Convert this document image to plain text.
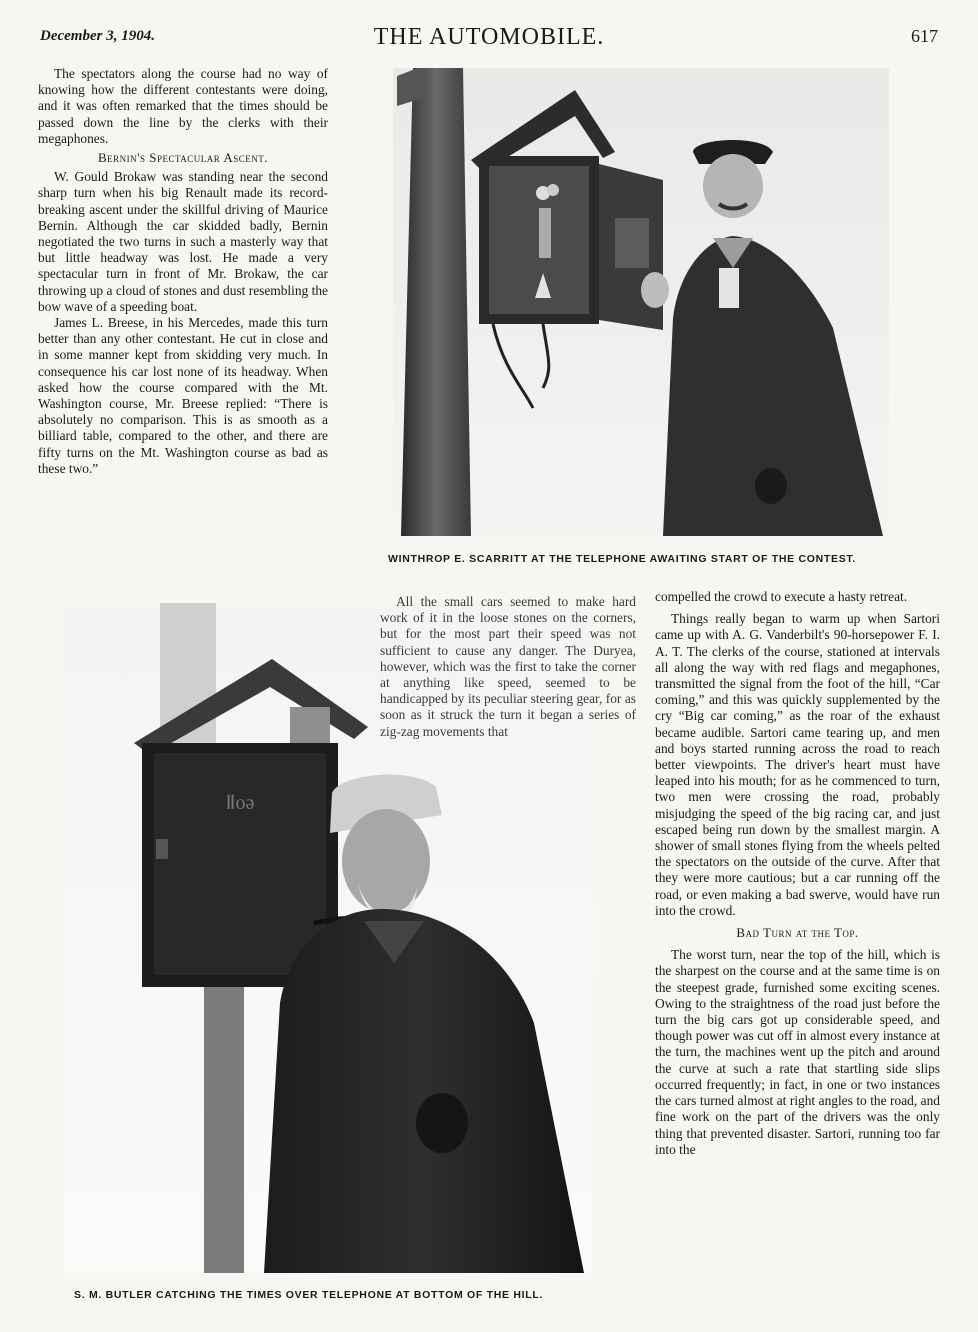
December 3, 1904.	THE AUTOMOBILE.	617

The spectators along the course had no way of knowing how the different contestants were doing, and it was often remarked that the times should be passed down the line by the clerks with their megaphones.

Bernin's Spectacular Ascent.

W. Gould Brokaw was standing near the second sharp turn when his big Renault made its record-breaking ascent under the skillful driving of Maurice Bernin. Although the car skidded badly, Bernin negotiated the two turns in such a masterly way that but little headway was lost. He made a very spectacular turn in front of Mr. Brokaw, the car throwing up a cloud of stones and dust resembling the bow wave of a speeding boat.

James L. Breese, in his Mercedes, made this turn better than any other contestant. He cut in close and in some manner kept from skidding very much. In consequence his car lost none of its headway. When asked how the course compared with the Mt. Washington course, Mr. Breese replied: “There is absolutely no comparison. This is as smooth as a billiard table, compared to the other, and there are fifty turns on the Mt. Washington course as bad as these two.”

WINTHROP E. SCARRITT AT THE TELEPHONE AWAITING START OF THE CONTEST.
Ⅱoə
S. M. BUTLER CATCHING THE TIMES OVER TELEPHONE AT BOTTOM OF THE HILL.

All the small cars seemed to make hard work of it in the loose stones on the corners, but for the most part their speed was not sufficient to cause any danger. The Duryea, however, which was the first to take the corner at anything like speed, seemed to be handicapped by its peculiar steering gear, for as soon as it struck the turn it began a series of zig-zag movements that

compelled the crowd to execute a hasty retreat.

Things really began to warm up when Sartori came up with A. G. Vanderbilt's 90-horsepower F. I. A. T. The clerks of the course, stationed at intervals all along the way with red flags and megaphones, transmitted the signal from the foot of the hill, “Car coming,” and this was quickly supplemented by the cry “Big car coming,” as the roar of the exhaust became audible. Sartori came tearing up, and men and boys started running across the road to reach better viewpoints. The driver's heart must have leaped into his mouth; for as he commenced to turn, two men were crossing the road, probably misjudging the speed of the big racing car, and just escaped being run down by the smallest margin. A shower of small stones flying from the wheels pelted the spectators on the outside of the curve. After that they were more cautious; but a car running off the road, or even making a bad swerve, would have run into the crowd.

Bad Turn at the Top.

The worst turn, near the top of the hill, which is the sharpest on the course and at the same time is on the steepest grade, furnished some exciting scenes. Owing to the straightness of the road just before the turn the big cars got up considerable speed, and though power was cut off in almost every instance at the turn, the machines went up the pitch and around the curve at such a rate that startling side slips occurred frequently; in fact, in one or two instances the cars turned almost at right angles to the road, and fine work on the part of the drivers was the only thing that prevented disaster. Sartori, running too far into the
